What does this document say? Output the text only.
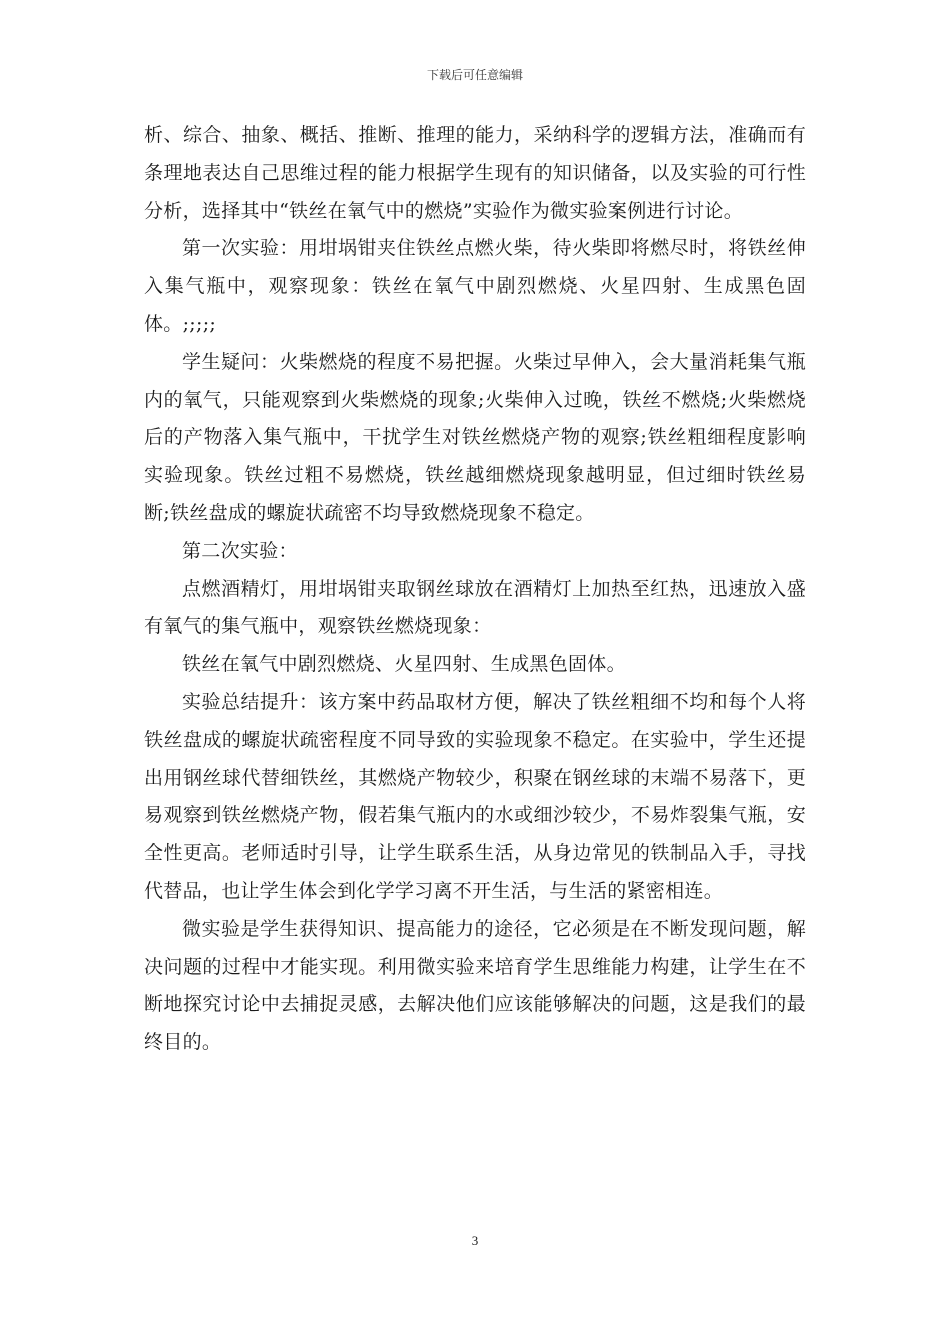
下载后可任意编辑

析、综合、抽象、概括、推断、推理的能力，采纳科学的逻辑方法，准确而有条理地表达自己思维过程的能力根据学生现有的知识储备，以及实验的可行性分析，选择其中“铁丝在氧气中的燃烧”实验作为微实验案例进行讨论。

第一次实验：用坩埚钳夹住铁丝点燃火柴，待火柴即将燃尽时，将铁丝伸入集气瓶中，观察现象：铁丝在氧气中剧烈燃烧、火星四射、生成黑色固体。;;;;;

学生疑问：火柴燃烧的程度不易把握。火柴过早伸入，会大量消耗集气瓶内的氧气，只能观察到火柴燃烧的现象;火柴伸入过晚，铁丝不燃烧;火柴燃烧后的产物落入集气瓶中，干扰学生对铁丝燃烧产物的观察;铁丝粗细程度影响实验现象。铁丝过粗不易燃烧，铁丝越细燃烧现象越明显，但过细时铁丝易断;铁丝盘成的螺旋状疏密不均导致燃烧现象不稳定。

第二次实验：

点燃酒精灯，用坩埚钳夹取钢丝球放在酒精灯上加热至红热，迅速放入盛有氧气的集气瓶中，观察铁丝燃烧现象：

铁丝在氧气中剧烈燃烧、火星四射、生成黑色固体。

实验总结提升：该方案中药品取材方便，解决了铁丝粗细不均和每个人将铁丝盘成的螺旋状疏密程度不同导致的实验现象不稳定。在实验中，学生还提出用钢丝球代替细铁丝，其燃烧产物较少，积聚在钢丝球的末端不易落下，更易观察到铁丝燃烧产物，假若集气瓶内的水或细沙较少，不易炸裂集气瓶，安全性更高。老师适时引导，让学生联系生活，从身边常见的铁制品入手，寻找代替品，也让学生体会到化学学习离不开生活，与生活的紧密相连。

微实验是学生获得知识、提高能力的途径，它必须是在不断发现问题，解决问题的过程中才能实现。利用微实验来培育学生思维能力构建，让学生在不断地探究讨论中去捕捉灵感，去解决他们应该能够解决的问题，这是我们的最终目的。

3
